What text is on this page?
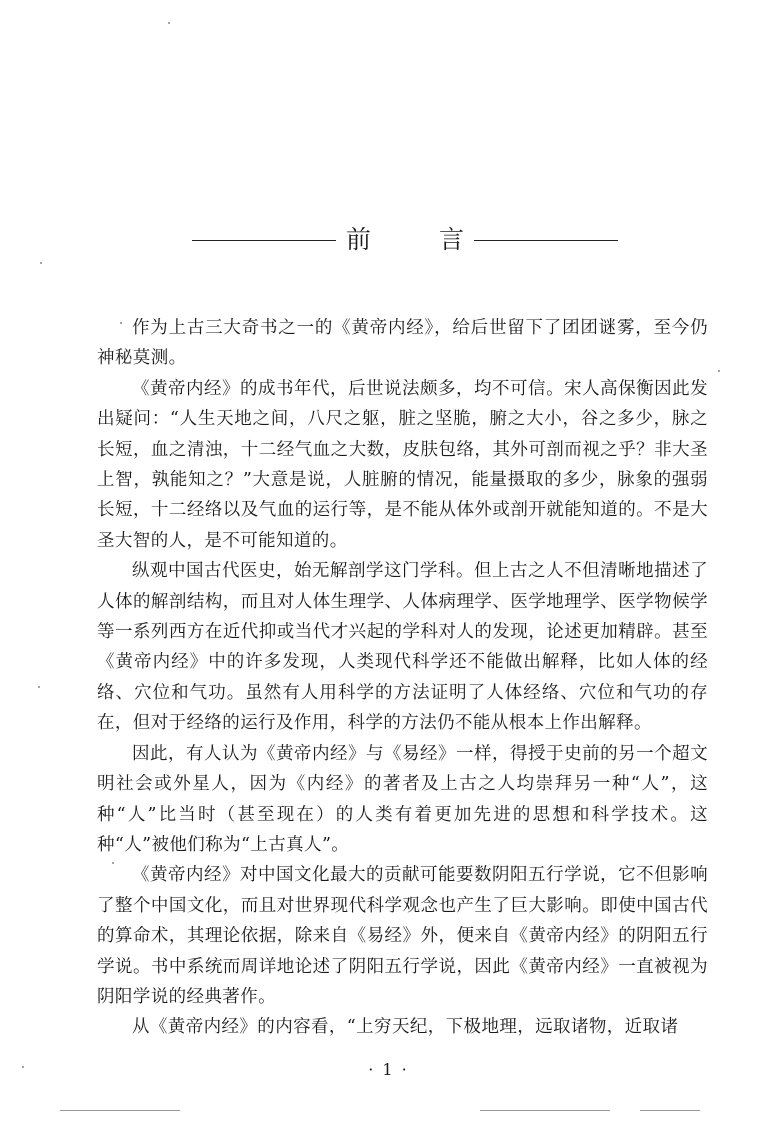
前言

作为上古三大奇书之一的《黄帝内经》，给后世留下了团团谜雾，至今仍神秘莫测。

《黄帝内经》的成书年代，后世说法颇多，均不可信。宋人高保衡因此发出疑问：“人生天地之间，八尺之躯，脏之坚脆，腑之大小，谷之多少，脉之长短，血之清浊，十二经气血之大数，皮肤包络，其外可剖而视之乎？非大圣上智，孰能知之？”大意是说，人脏腑的情况，能量摄取的多少，脉象的强弱长短，十二经络以及气血的运行等，是不能从体外或剖开就能知道的。不是大圣大智的人，是不可能知道的。

纵观中国古代医史，始无解剖学这门学科。但上古之人不但清晰地描述了人体的解剖结构，而且对人体生理学、人体病理学、医学地理学、医学物候学等一系列西方在近代抑或当代才兴起的学科对人的发现，论述更加精辟。甚至《黄帝内经》中的许多发现，人类现代科学还不能做出解释，比如人体的经络、穴位和气功。虽然有人用科学的方法证明了人体经络、穴位和气功的存在，但对于经络的运行及作用，科学的方法仍不能从根本上作出解释。

因此，有人认为《黄帝内经》与《易经》一样，得授于史前的另一个超文明社会或外星人，因为《内经》的著者及上古之人均崇拜另一种“人”，这种“人”比当时（甚至现在）的人类有着更加先进的思想和科学技术。这种“人”被他们称为“上古真人”。

《黄帝内经》对中国文化最大的贡献可能要数阴阳五行学说，它不但影响了整个中国文化，而且对世界现代科学观念也产生了巨大影响。即使中国古代的算命术，其理论依据，除来自《易经》外，便来自《黄帝内经》的阴阳五行学说。书中系统而周详地论述了阴阳五行学说，因此《黄帝内经》一直被视为阴阳学说的经典著作。

从《黄帝内经》的内容看，“上穷天纪，下极地理，远取诸物，近取诸

· 1 ·
